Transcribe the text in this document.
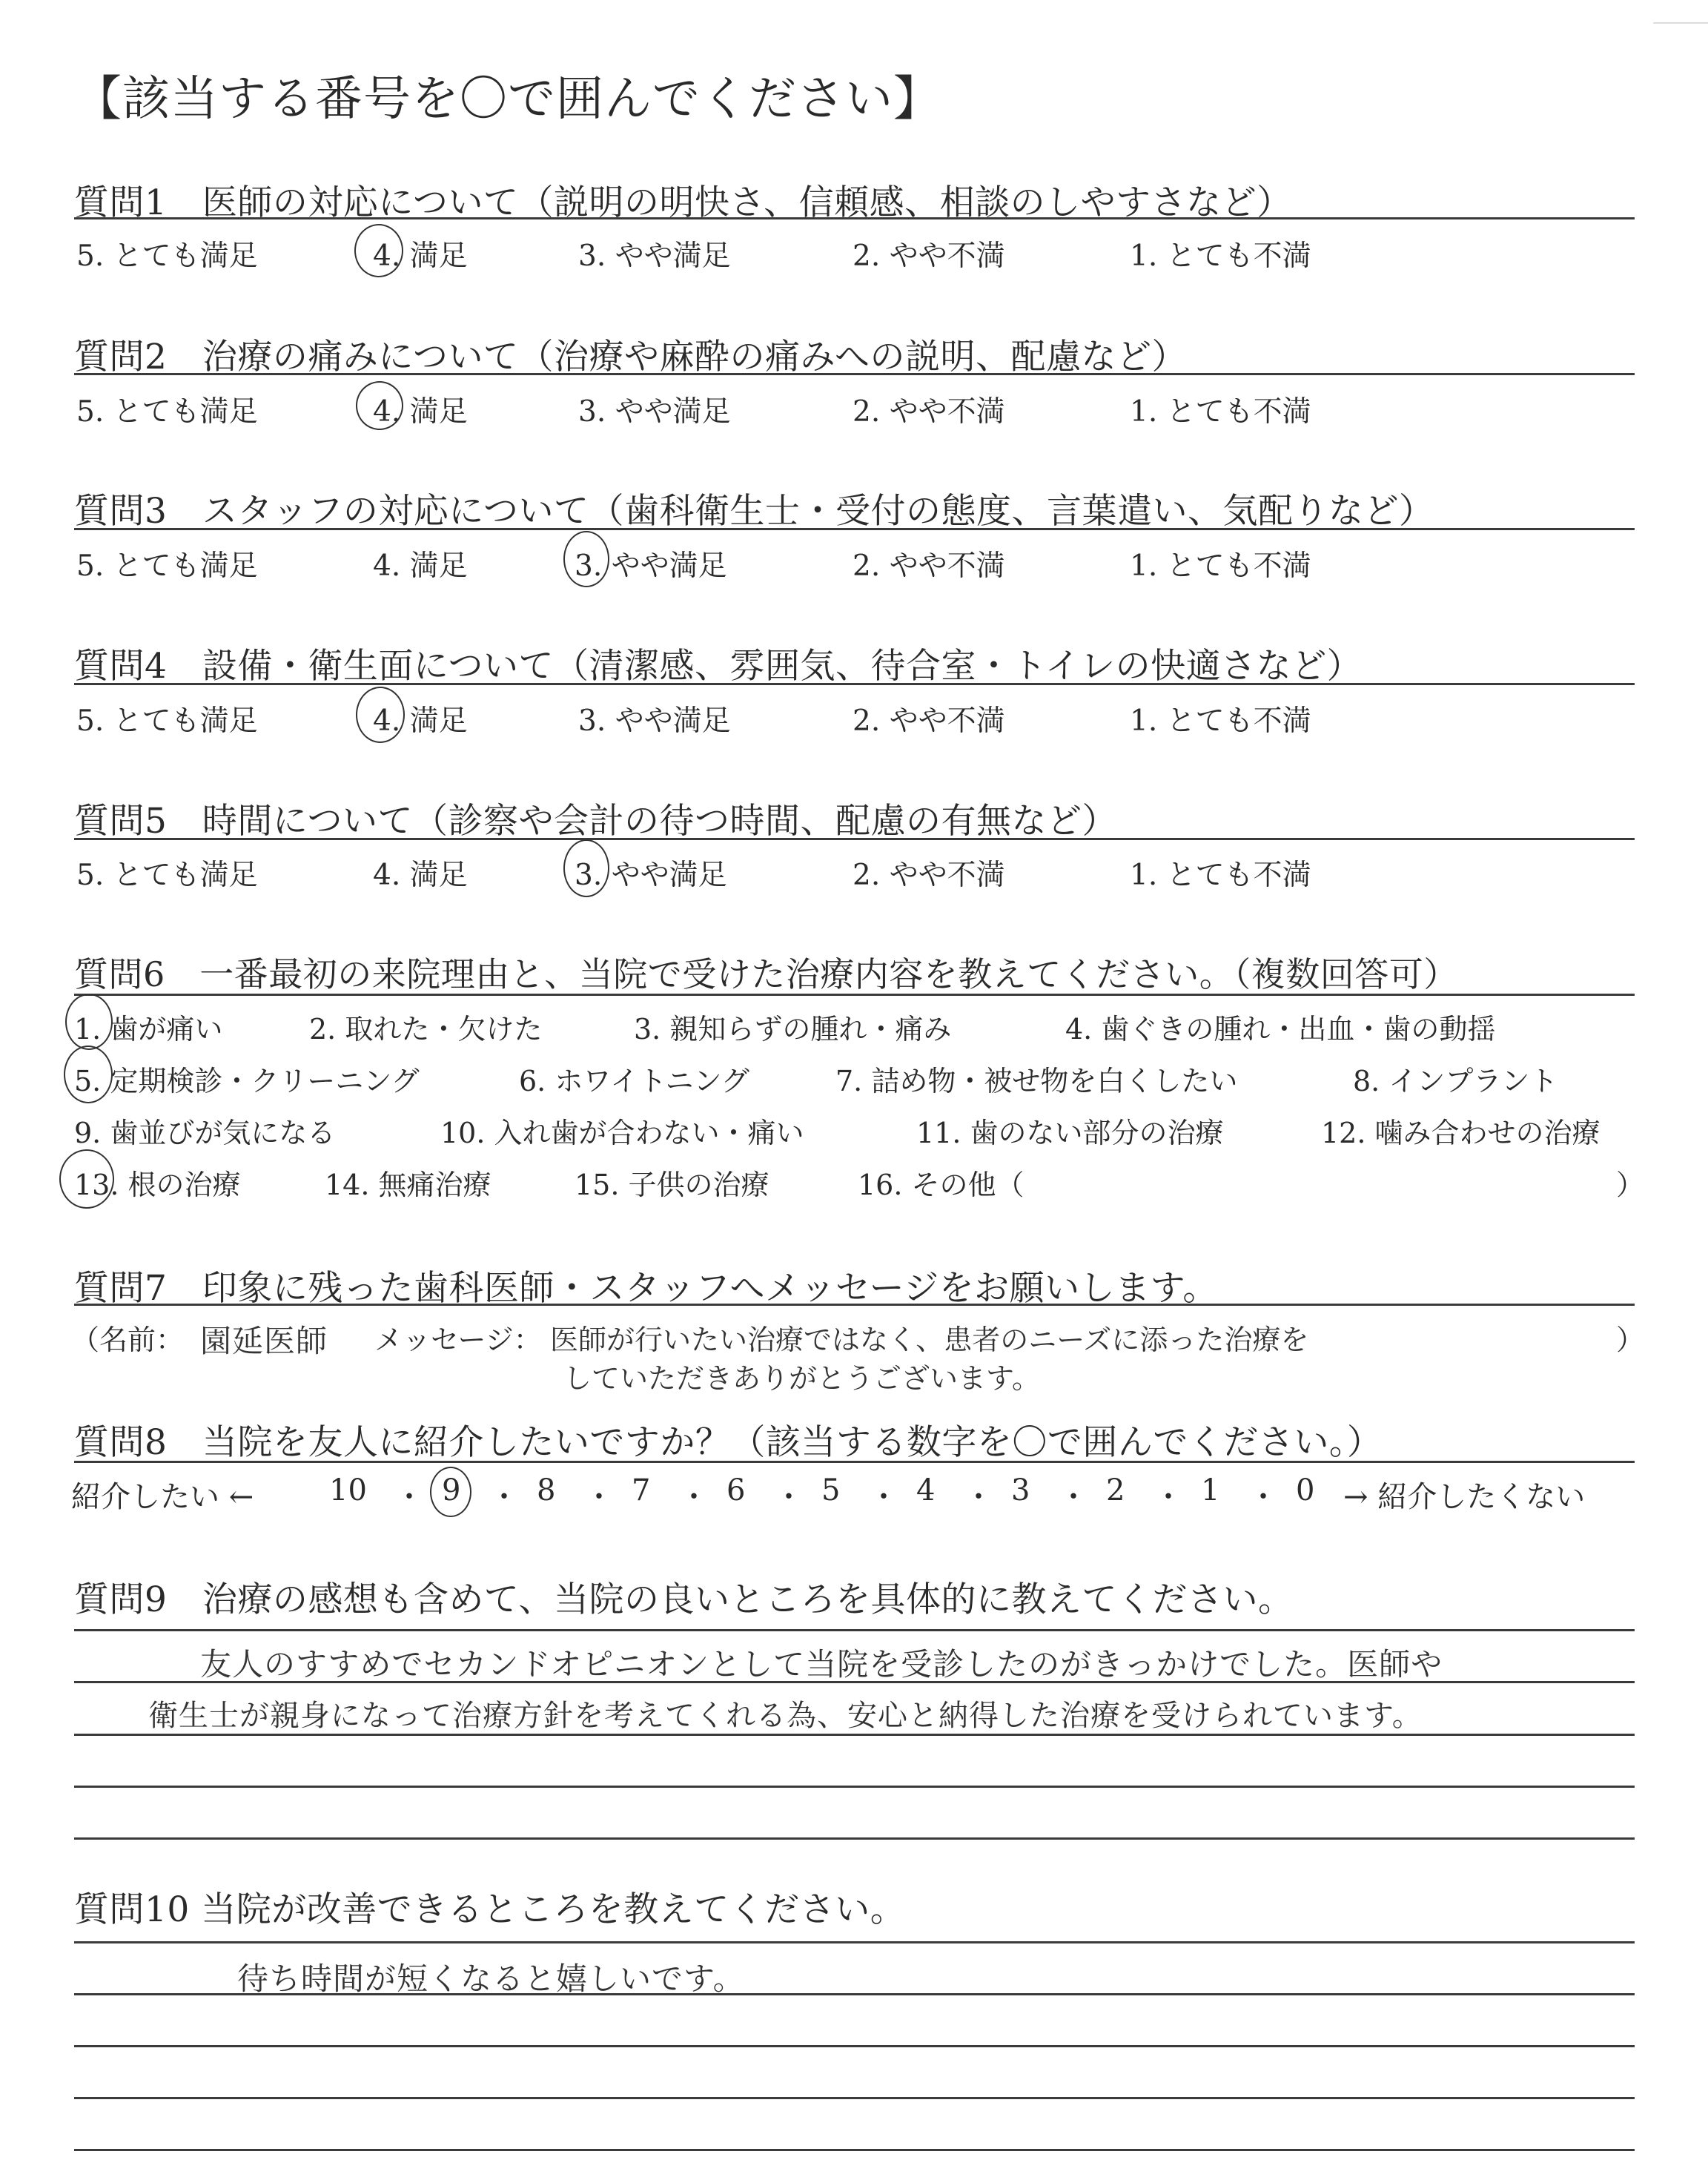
【該当する番号を〇で囲んでください】
質問1　医師の対応について（説明の明快さ、信頼感、相談のしやすさなど）
5. とても満足	4. 満足	3. やや満足	2. やや不満	1. とても不満
質問2　治療の痛みについて（治療や麻酔の痛みへの説明、配慮など）
5. とても満足	4. 満足	3. やや満足	2. やや不満	1. とても不満
質問3　スタッフの対応について（歯科衛生士・受付の態度、言葉遣い、気配りなど）
5. とても満足	4. 満足	3. やや満足	2. やや不満	1. とても不満
質問4　設備・衛生面について（清潔感、雰囲気、待合室・トイレの快適さなど）
5. とても満足	4. 満足	3. やや満足	2. やや不満	1. とても不満
質問5　時間について（診察や会計の待つ時間、配慮の有無など）
5. とても満足	4. 満足	3. やや満足	2. やや不満	1. とても不満
質問6　一番最初の来院理由と、当院で受けた治療内容を教えてください。（複数回答可）
1. 歯が痛い	2. 取れた・欠けた	3. 親知らずの腫れ・痛み	4. 歯ぐきの腫れ・出血・歯の動揺
5. 定期検診・クリーニング	6. ホワイトニング	7. 詰め物・被せ物を白くしたい	8. インプラント
9. 歯並びが気になる	10. 入れ歯が合わない・痛い	11. 歯のない部分の治療	12. 噛み合わせの治療
13. 根の治療	14. 無痛治療	15. 子供の治療	16. その他（	）
質問7　印象に残った歯科医師・スタッフへメッセージをお願いします。
（名前： 園延医師 メッセージ： 医師が行いたい治療ではなく、患者のニーズに添った治療を
していただきありがとうございます。
）
質問8　当院を友人に紹介したいですか？（該当する数字を〇で囲んでください。）
紹介したい ←	10 ・ 9 ・ 8 ・ 7 ・ 6 ・ 5 ・ 4 ・ 3 ・ 2 ・ 1 ・ 0 → 紹介したくない
質問9　治療の感想も含めて、当院の良いところを具体的に教えてください。
友人のすすめでセカンドオピニオンとして当院を受診したのがきっかけでした。医師や
衛生士が親身になって治療方針を考えてくれる為、安心と納得した治療を受けられています。
質問10 当院が改善できるところを教えてください。
待ち時間が短くなると嬉しいです。
